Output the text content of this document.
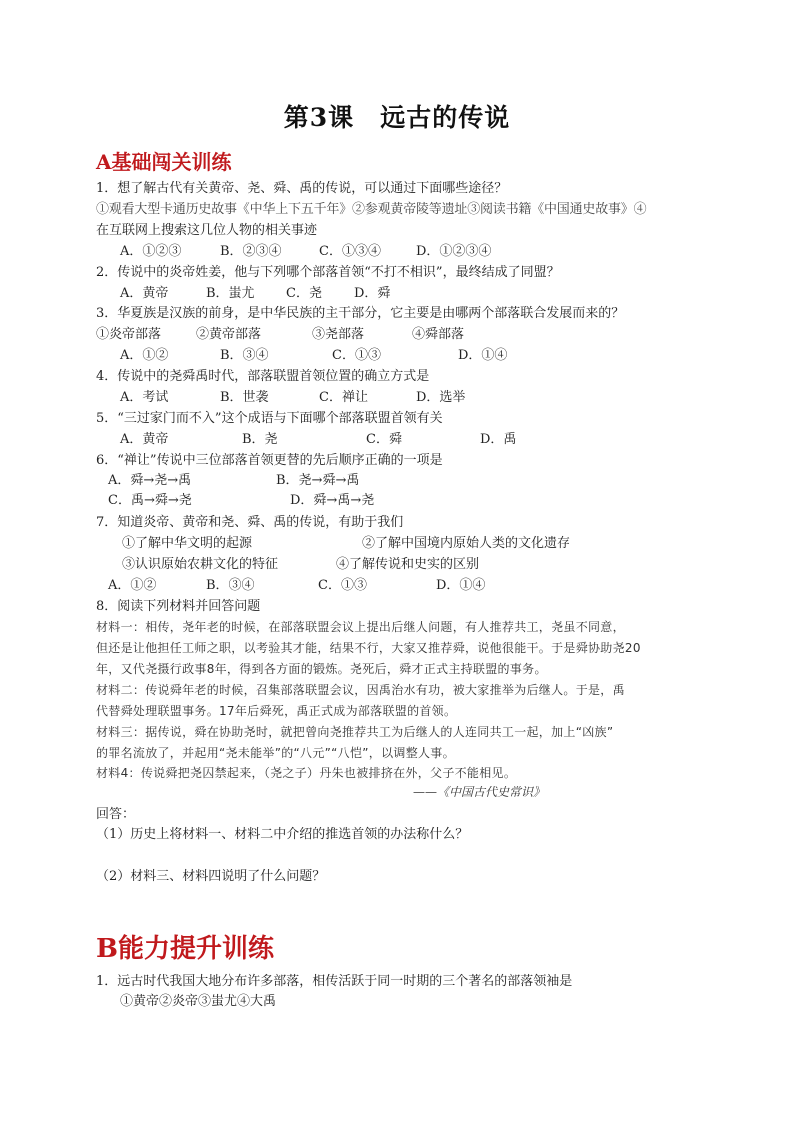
第3课 远古的传说
A基础闯关训练
1．想了解古代有关黄帝、尧、舜、禹的传说，可以通过下面哪些途径？
①观看大型卡通历史故事《中华上下五千年》②参观黄帝陵等遗址③阅读书籍《中国通史故事》④
在互联网上搜索这几位人物的相关事迹
A．①②③	B．②③④	C．①③④	D．①②③④
2．传说中的炎帝姓姜，他与下列哪个部落首领“不打不相识”，最终结成了同盟？
A．黄帝	B．蚩尤 C．尧 D．舜
3．华夏族是汉族的前身，是中华民族的主干部分，它主要是由哪两个部落联合发展而来的？
①炎帝部落	②黄帝部落	③尧部落	④舜部落
A．①②	B．③④	C．①③	D．①④
4．传说中的尧舜禹时代，部落联盟首领位置的确立方式是
A．考试	B．世袭	C．禅让	D．选举
5．“三过家门而不入”这个成语与下面哪个部落联盟首领有关
A．黄帝	B．尧	C．舜	D．禹
6．“禅让”传说中三位部落首领更替的先后顺序正确的一项是
A．舜→尧→禹	B．尧→舜→禹
C．禹→舜→尧	D．舜→禹→尧
7．知道炎帝、黄帝和尧、舜、禹的传说，有助于我们
①了解中华文明的起源	②了解中国境内原始人类的文化遗存
③认识原始农耕文化的特征	④了解传说和史实的区别
A．①②	B．③④	C．①③	D．①④
8．阅读下列材料并回答问题
材料一：相传，尧年老的时候，在部落联盟会议上提出后继人问题，有人推荐共工，尧虽不同意，
但还是让他担任工师之职，以考验其才能，结果不行，大家又推荐舜，说他很能干。于是舜协助尧20
年，又代尧摄行政事8年，得到各方面的锻炼。尧死后，舜才正式主持联盟的事务。
材料二：传说舜年老的时候，召集部落联盟会议，因禹治水有功，被大家推举为后继人。于是，禹
代替舜处理联盟事务。17年后舜死，禹正式成为部落联盟的首领。
材料三：据传说，舜在协助尧时，就把曾向尧推荐共工为后继人的人连同共工一起，加上“凶族”
的罪名流放了，并起用“尧未能举”的“八元”“八恺”，以调整人事。
材料4：传说舜把尧囚禁起来，（尧之子）丹朱也被排挤在外，父子不能相见。
——《中国古代史常识》
回答：
（1）历史上将材料一、材料二中介绍的推选首领的办法称什么？
（2）材料三、材料四说明了什么问题？
B能力提升训练
1．远古时代我国大地分布许多部落，相传活跃于同一时期的三个著名的部落领袖是
①黄帝②炎帝③蚩尤④大禹
